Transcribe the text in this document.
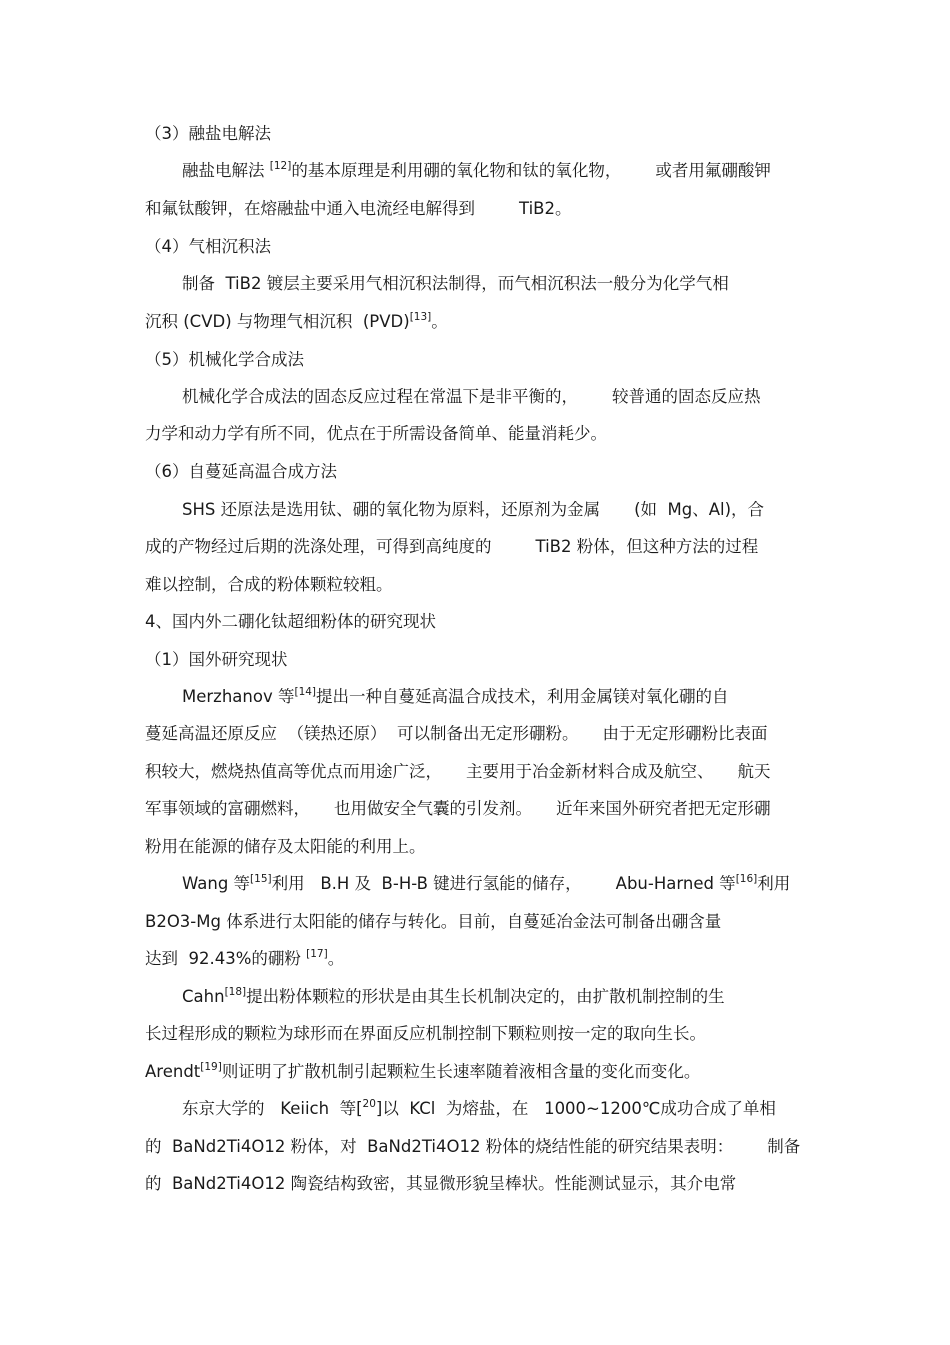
（3）融盐电解法

融盐电解法 [12]的基本原理是利用硼的氧化物和钛的氧化物， 或者用氟硼酸钾

和氟钛酸钾，在熔融盐中通入电流经电解得到	TiB2。

（4）气相沉积法

制备  TiB2 镀层主要采用气相沉积法制得，而气相沉积法一般分为化学气相

沉积 (CVD) 与物理气相沉积  (PVD)[13]。

（5）机械化学合成法

机械化学合成法的固态反应过程在常温下是非平衡的， 较普通的固态反应热

力学和动力学有所不同，优点在于所需设备简单、能量消耗少。

（6）自蔓延高温合成方法

SHS 还原法是选用钛、硼的氧化物为原料，还原剂为金属 (如  Mg、Al)，合

成的产物经过后期的洗涤处理，可得到高纯度的	TiB2 粉体，但这种方法的过程

难以控制，合成的粉体颗粒较粗。

4、国内外二硼化钛超细粉体的研究现状

（1）国外研究现状

Merzhanov 等[14]提出一种自蔓延高温合成技术，利用金属镁对氧化硼的自

蔓延高温还原反应  （镁热还原）  可以制备出无定形硼粉。 由于无定形硼粉比表面

积较大，燃烧热值高等优点而用途广泛， 主要用于冶金新材料合成及航空、 航天

军事领域的富硼燃料， 也用做安全气囊的引发剂。 近年来国外研究者把无定形硼

粉用在能源的储存及太阳能的利用上。

Wang 等[15]利用   B.H 及  B-H-B 键进行氢能的储存， Abu-Harned 等[16]利用

B2O3-Mg 体系进行太阳能的储存与转化。目前，自蔓延冶金法可制备出硼含量

达到  92.43%的硼粉 [17]。

Cahn[18]提出粉体颗粒的形状是由其生长机制决定的，由扩散机制控制的生

长过程形成的颗粒为球形而在界面反应机制控制下颗粒则按一定的取向生长。

Arendt[19]则证明了扩散机制引起颗粒生长速率随着液相含量的变化而变化。

东京大学的   Keiich  等[$^{20}$]以  KCl  为熔盐，在   1000~1200℃成功合成了单相

的  BaNd2Ti4O12 粉体，对  BaNd2Ti4O12 粉体的烧结性能的研究结果表明： 制备

的  BaNd2Ti4O12 陶瓷结构致密，其显微形貌呈棒状。性能测试显示，其介电常
